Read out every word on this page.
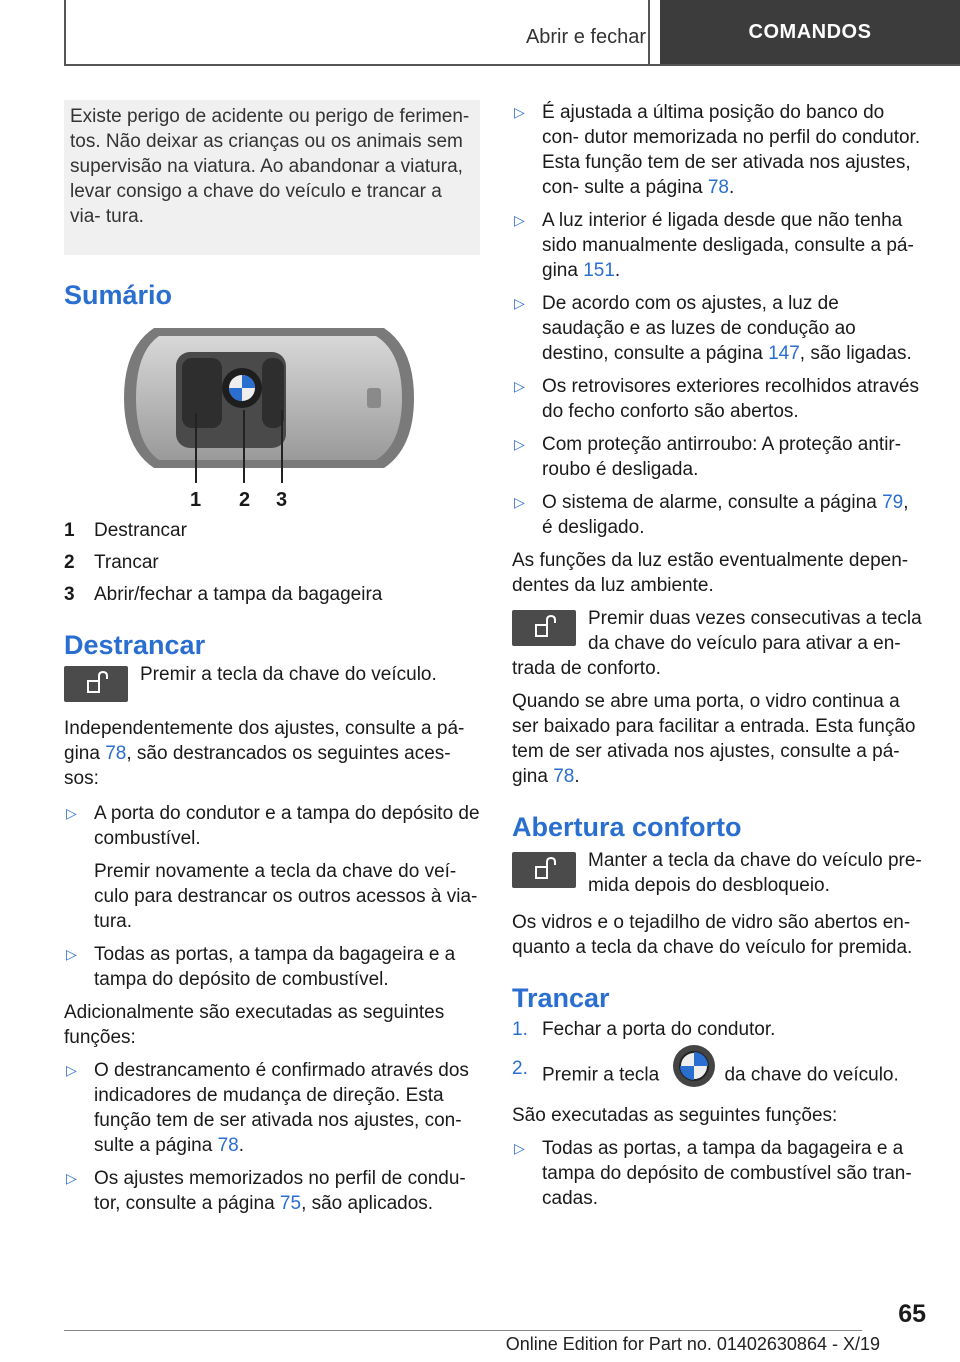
Abrir e fechar	COMANDOS
Existe perigo de acidente ou perigo de ferimen- tos. Não deixar as crianças ou os animais sem supervisão na viatura. Ao abandonar a viatura, levar consigo a chave do veículo e trancar a via- tura.
Sumário
1 2 3
1	Destrancar
2	Trancar
3	Abrir/fechar a tampa da bagageira
Destrancar

Premir a tecla da chave do veículo.

Independentemente dos ajustes, consulte a pá- gina 78, são destrancados os seguintes aces- sos:

▷ A porta do condutor e a tampa do depósito de combustível.

Premir novamente a tecla da chave do veí- culo para destrancar os outros acessos à via- tura.

▷ Todas as portas, a tampa da bagageira e a tampa do depósito de combustível.

Adicionalmente são executadas as seguintes funções:

▷ O destrancamento é confirmado através dos indicadores de mudança de direção. Esta função tem de ser ativada nos ajustes, con- sulte a página 78.

▷ Os ajustes memorizados no perfil de condu- tor, consulte a página 75, são aplicados.

▷ É ajustada a última posição do banco do con- dutor memorizada no perfil do condutor. Esta função tem de ser ativada nos ajustes, con- sulte a página 78.

▷ A luz interior é ligada desde que não tenha sido manualmente desligada, consulte a pá- gina 151.

▷ De acordo com os ajustes, a luz de saudação e as luzes de condução ao destino, consulte a página 147, são ligadas.

▷ Os retrovisores exteriores recolhidos através do fecho conforto são abertos.

▷ Com proteção antirroubo: A proteção antir- roubo é desligada.

▷ O sistema de alarme, consulte a página 79, é desligado.

As funções da luz estão eventualmente depen- dentes da luz ambiente.

Premir duas vezes consecutivas a tecla da chave do veículo para ativar a en- trada de conforto.

Quando se abre uma porta, o vidro continua a ser baixado para facilitar a entrada. Esta função tem de ser ativada nos ajustes, consulte a pá- gina 78.

Abertura conforto

Manter a tecla da chave do veículo pre- mida depois do desbloqueio.

Os vidros e o tejadilho de vidro são abertos en- quanto a tecla da chave do veículo for premida.

Trancar
1. Fechar a porta do condutor.

2. Premir a tecla	da chave do veículo.

São executadas as seguintes funções:

▷ Todas as portas, a tampa da bagageira e a tampa do depósito de combustível são tran- cadas.

65
Online Edition for Part no. 01402630864 - X/19
